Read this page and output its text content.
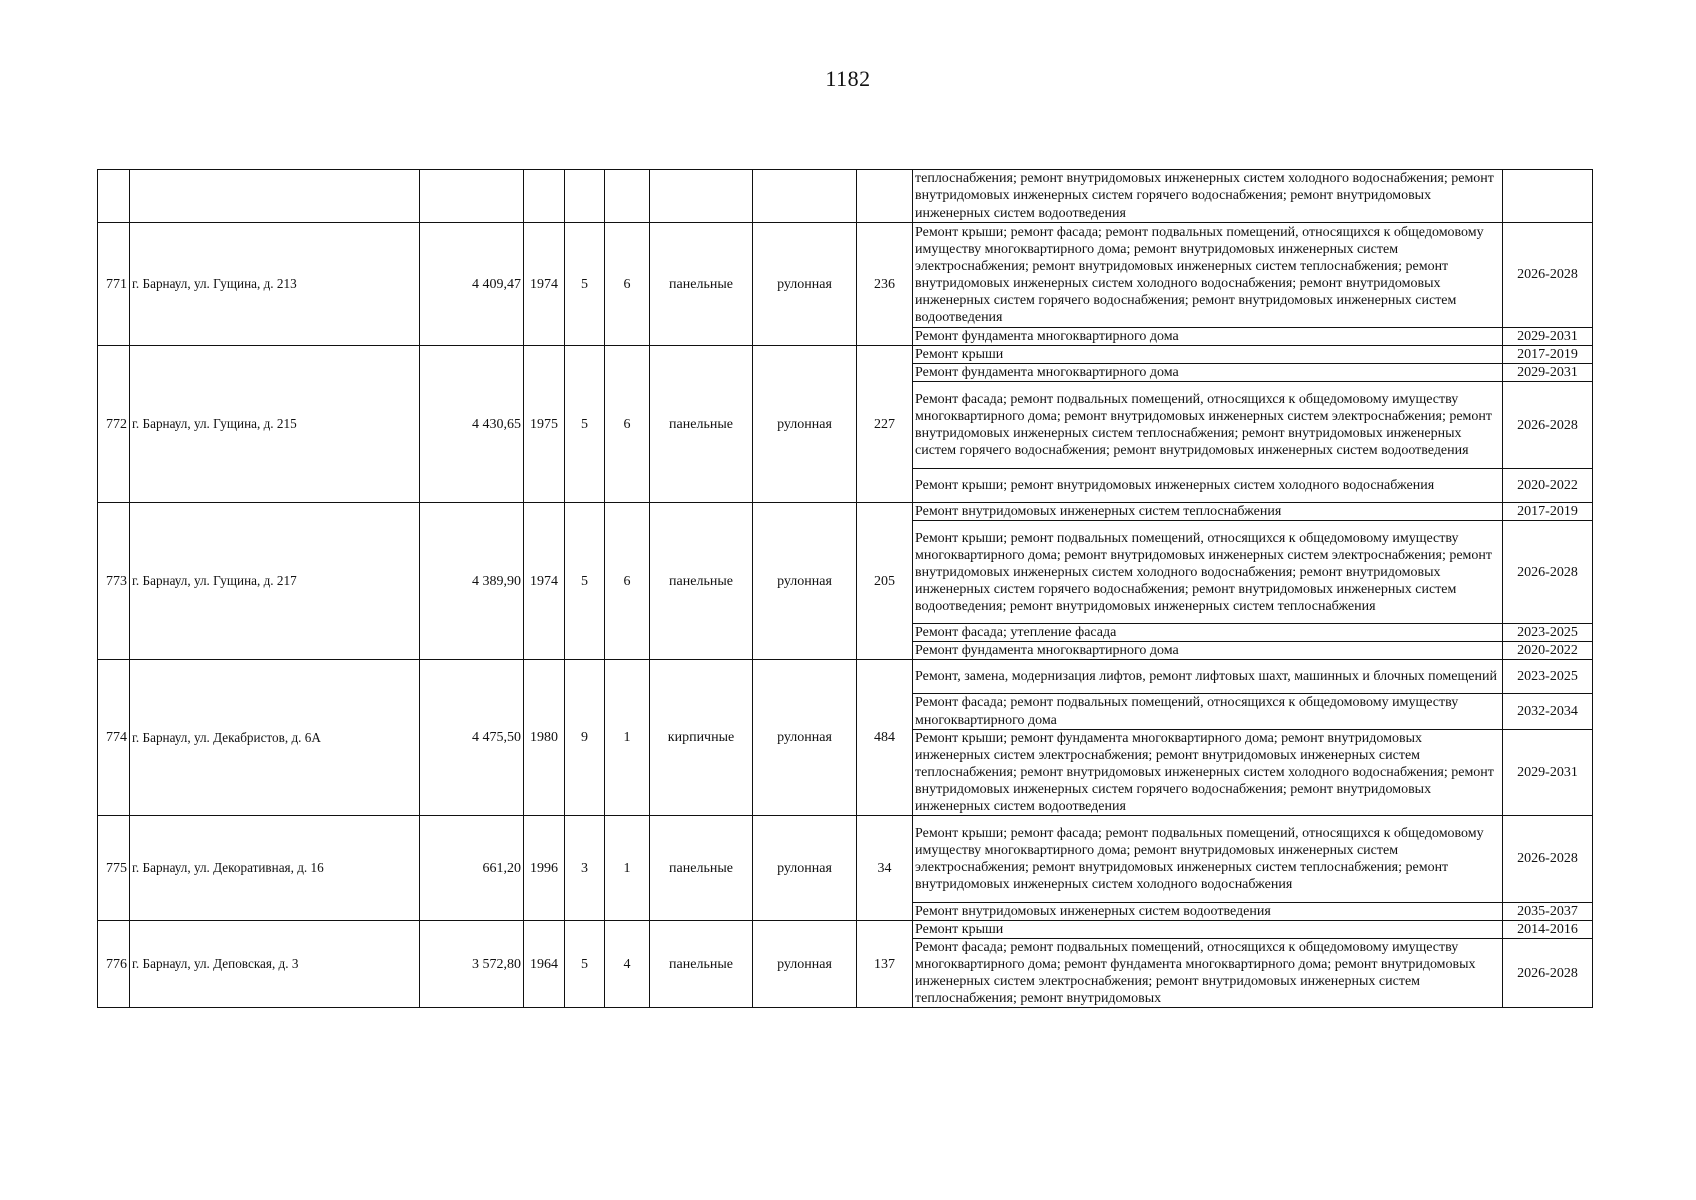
1182
									теплоснабжения; ремонт внутридомовых инженерных систем холодного водоснабжения; ремонт внутридомовых инженерных систем горячего водоснабжения; ремонт внутридомовых инженерных систем водоотведения	
771	г. Барнаул, ул. Гущина, д. 213	4 409,47	1974	5	6	панельные	рулонная	236	Ремонт крыши; ремонт фасада; ремонт подвальных помещений, относящихся к общедомовому имуществу многоквартирного дома; ремонт внутридомовых инженерных систем электроснабжения; ремонт внутридомовых инженерных систем теплоснабжения; ремонт внутридомовых инженерных систем холодного водоснабжения; ремонт внутридомовых инженерных систем горячего водоснабжения; ремонт внутридомовых инженерных систем водоотведения	2026-2028
									Ремонт фундамента многоквартирного дома	2029-2031
772	г. Барнаул, ул. Гущина, д. 215	4 430,65	1975	5	6	панельные	рулонная	227	Ремонт крыши	2017-2019
									Ремонт фундамента многоквартирного дома	2029-2031
									Ремонт фасада; ремонт подвальных помещений, относящихся к общедомовому имуществу многоквартирного дома; ремонт внутридомовых инженерных систем электроснабжения; ремонт внутридомовых инженерных систем теплоснабжения; ремонт внутридомовых инженерных систем горячего водоснабжения; ремонт внутридомовых инженерных систем водоотведения	2026-2028
									Ремонт крыши; ремонт внутридомовых инженерных систем холодного водоснабжения	2020-2022
773	г. Барнаул, ул. Гущина, д. 217	4 389,90	1974	5	6	панельные	рулонная	205	Ремонт внутридомовых инженерных систем теплоснабжения	2017-2019
									Ремонт крыши; ремонт подвальных помещений, относящихся к общедомовому имуществу многоквартирного дома; ремонт внутридомовых инженерных систем электроснабжения; ремонт внутридомовых инженерных систем холодного водоснабжения; ремонт внутридомовых инженерных систем горячего водоснабжения; ремонт внутридомовых инженерных систем водоотведения; ремонт внутридомовых инженерных систем теплоснабжения	2026-2028
									Ремонт фасада; утепление фасада	2023-2025
									Ремонт фундамента многоквартирного дома	2020-2022
774	г. Барнаул, ул. Декабристов, д. 6А	4 475,50	1980	9	1	кирпичные	рулонная	484	Ремонт, замена, модернизация лифтов, ремонт лифтовых шахт, машинных и блочных помещений	2023-2025
									Ремонт фасада; ремонт подвальных помещений, относящихся к общедомовому имуществу многоквартирного дома	2032-2034
									Ремонт крыши; ремонт фундамента многоквартирного дома; ремонт внутридомовых инженерных систем электроснабжения; ремонт внутридомовых инженерных систем теплоснабжения; ремонт внутридомовых инженерных систем холодного водоснабжения; ремонт внутридомовых инженерных систем горячего водоснабжения; ремонт внутридомовых инженерных систем водоотведения	2029-2031
775	г. Барнаул, ул. Декоративная, д. 16	661,20	1996	3	1	панельные	рулонная	34	Ремонт крыши; ремонт фасада; ремонт подвальных помещений, относящихся к общедомовому имуществу многоквартирного дома; ремонт внутридомовых инженерных систем электроснабжения; ремонт внутридомовых инженерных систем теплоснабжения; ремонт внутридомовых инженерных систем холодного водоснабжения	2026-2028
									Ремонт внутридомовых инженерных систем водоотведения	2035-2037
776	г. Барнаул, ул. Деповская, д. 3	3 572,80	1964	5	4	панельные	рулонная	137	Ремонт крыши	2014-2016
									Ремонт фасада; ремонт подвальных помещений, относящихся к общедомовому имуществу многоквартирного дома; ремонт фундамента многоквартирного дома; ремонт внутридомовых инженерных систем электроснабжения; ремонт внутридомовых инженерных систем теплоснабжения; ремонт внутридомовых	2026-2028
